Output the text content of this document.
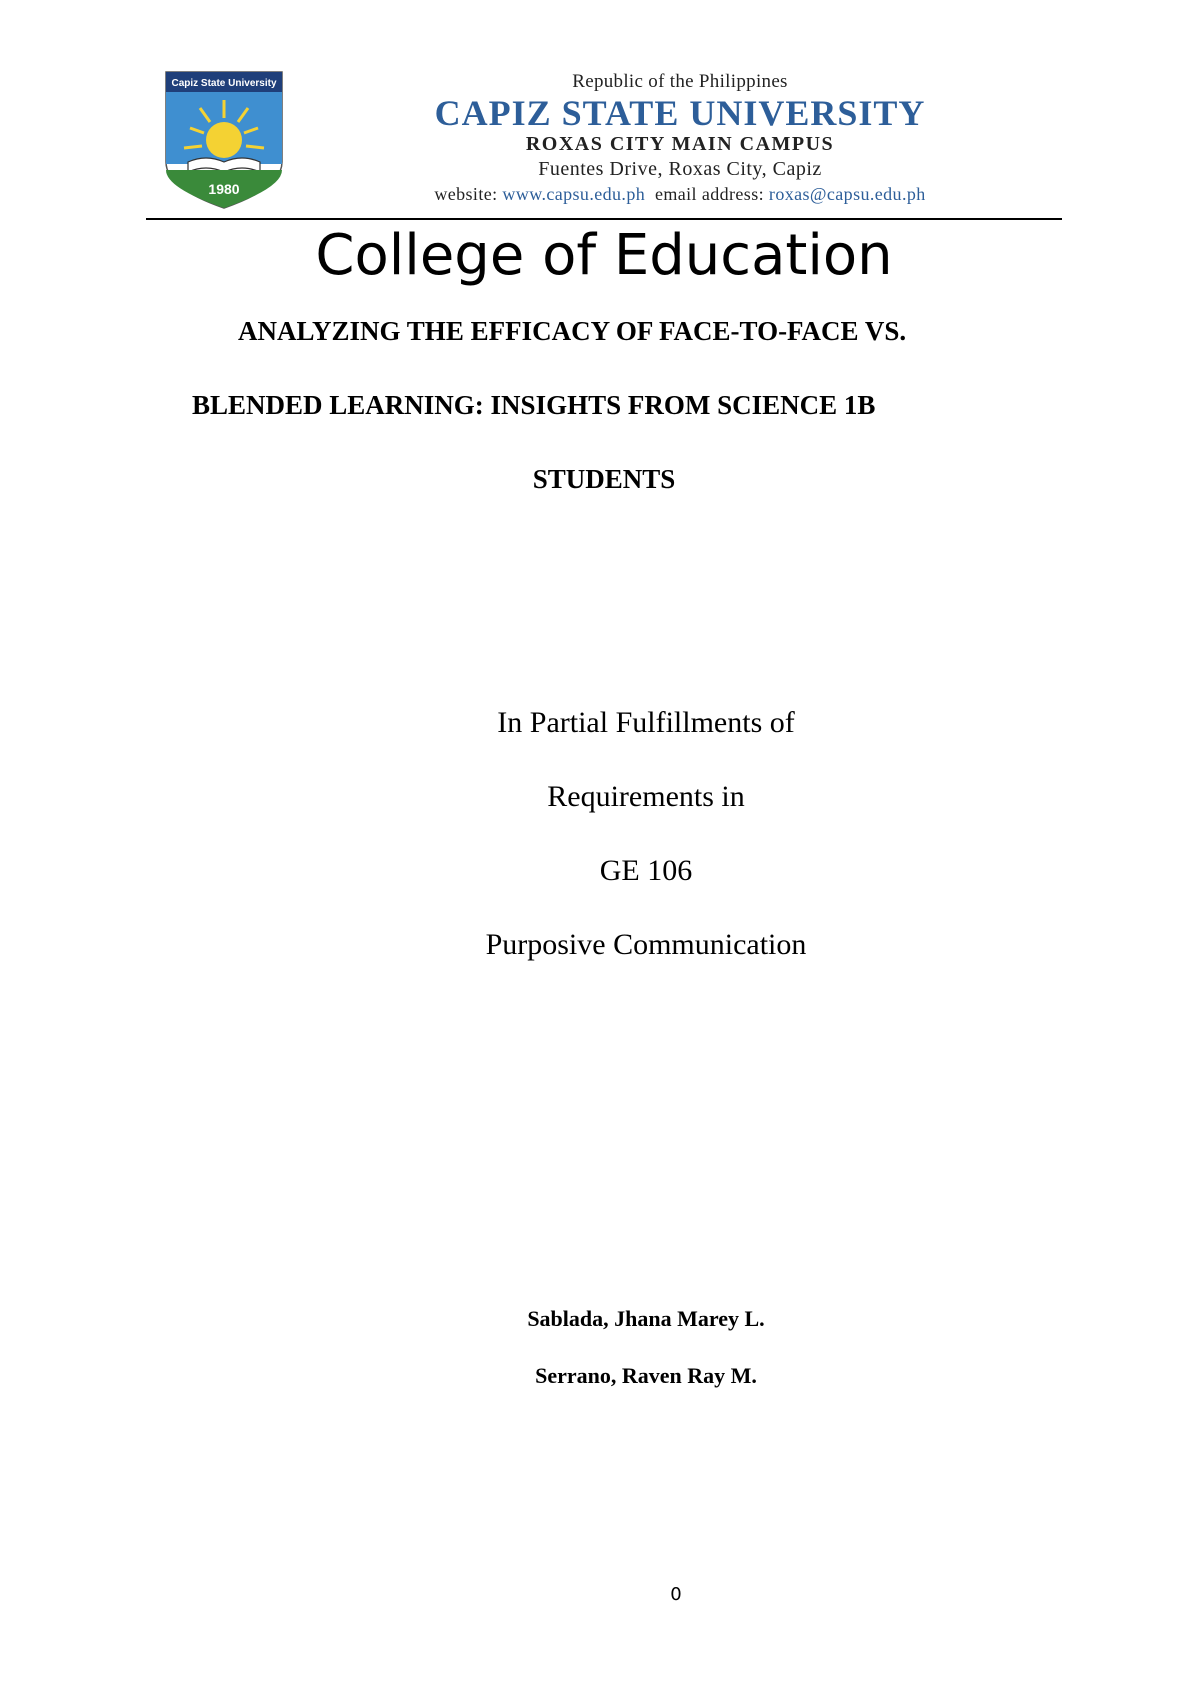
Capiz State University
1980
Republic of the Philippines
CAPIZ STATE UNIVERSITY
ROXAS CITY MAIN CAMPUS
Fuentes Drive, Roxas City, Capiz
website: www.capsu.edu.ph email address: roxas@capsu.edu.ph
College of Education
ANALYZING THE EFFICACY OF FACE-TO-FACE VS.
BLENDED LEARNING: INSIGHTS FROM SCIENCE 1B
STUDENTS
In Partial Fulfillments of
Requirements in
GE 106
Purposive Communication
Sablada, Jhana Marey L.
Serrano, Raven Ray M.
0
